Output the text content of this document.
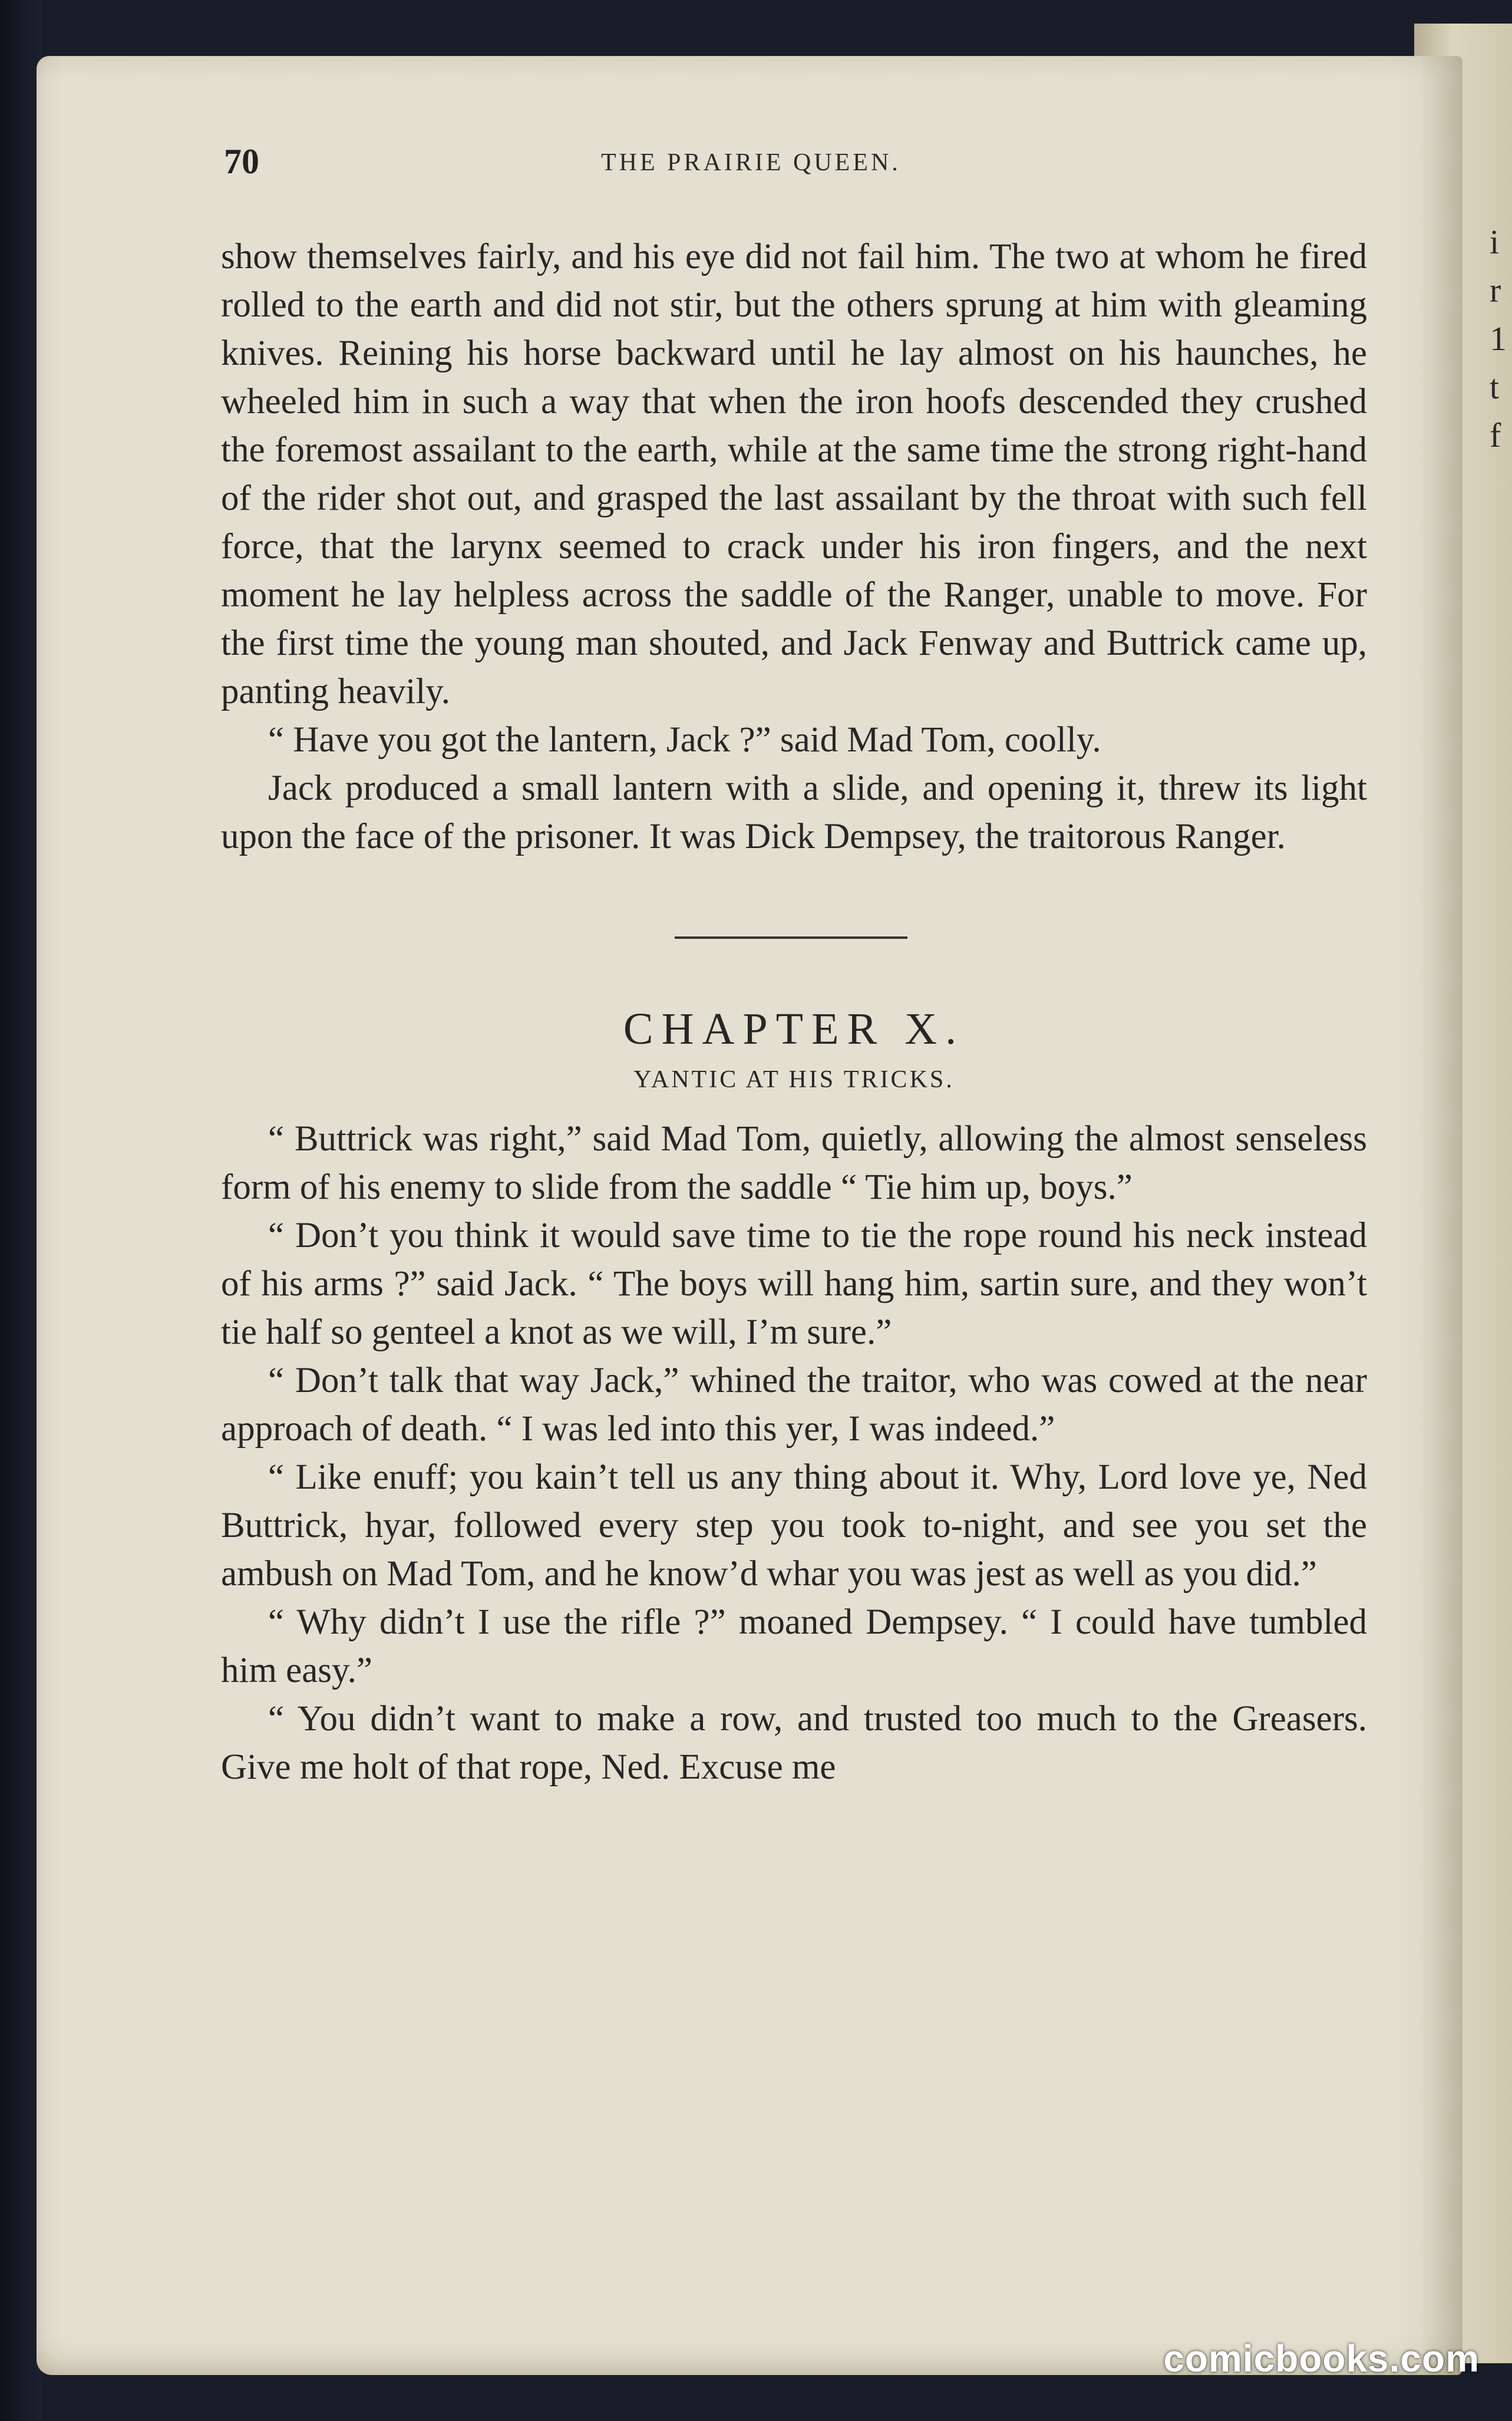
i
r
1
t
f
70	THE PRAIRIE QUEEN.

show themselves fairly, and his eye did not fail him. The two at whom he fired rolled to the earth and did not stir, but the others sprung at him with gleaming knives. Reining his horse backward until he lay almost on his haunches, he wheeled him in such a way that when the iron hoofs descended they crushed the foremost assailant to the earth, while at the same time the strong right-hand of the rider shot out, and grasped the last assailant by the throat with such fell force, that the larynx seemed to crack under his iron fingers, and the next moment he lay helpless across the saddle of the Ranger, unable to move. For the first time the young man shouted, and Jack Fenway and Buttrick came up, panting heavily.

“ Have you got the lantern, Jack ?” said Mad Tom, coolly.

Jack produced a small lantern with a slide, and opening it, threw its light upon the face of the prisoner. It was Dick Dempsey, the traitorous Ranger.

CHAPTER X.
YANTIC AT HIS TRICKS.

“ Buttrick was right,” said Mad Tom, quietly, allowing the almost senseless form of his enemy to slide from the saddle “ Tie him up, boys.”

“ Don’t you think it would save time to tie the rope round his neck instead of his arms ?” said Jack. “ The boys will hang him, sartin sure, and they won’t tie half so genteel a knot as we will, I’m sure.”

“ Don’t talk that way Jack,” whined the traitor, who was cowed at the near approach of death. “ I was led into this yer, I was indeed.”

“ Like enuff; you kain’t tell us any thing about it. Why, Lord love ye, Ned Buttrick, hyar, followed every step you took to-night, and see you set the ambush on Mad Tom, and he know’d whar you was jest as well as you did.”

“ Why didn’t I use the rifle ?” moaned Dempsey. “ I could have tumbled him easy.”

“ You didn’t want to make a row, and trusted too much to the Greasers. Give me holt of that rope, Ned. Excuse me

comicbooks.com
